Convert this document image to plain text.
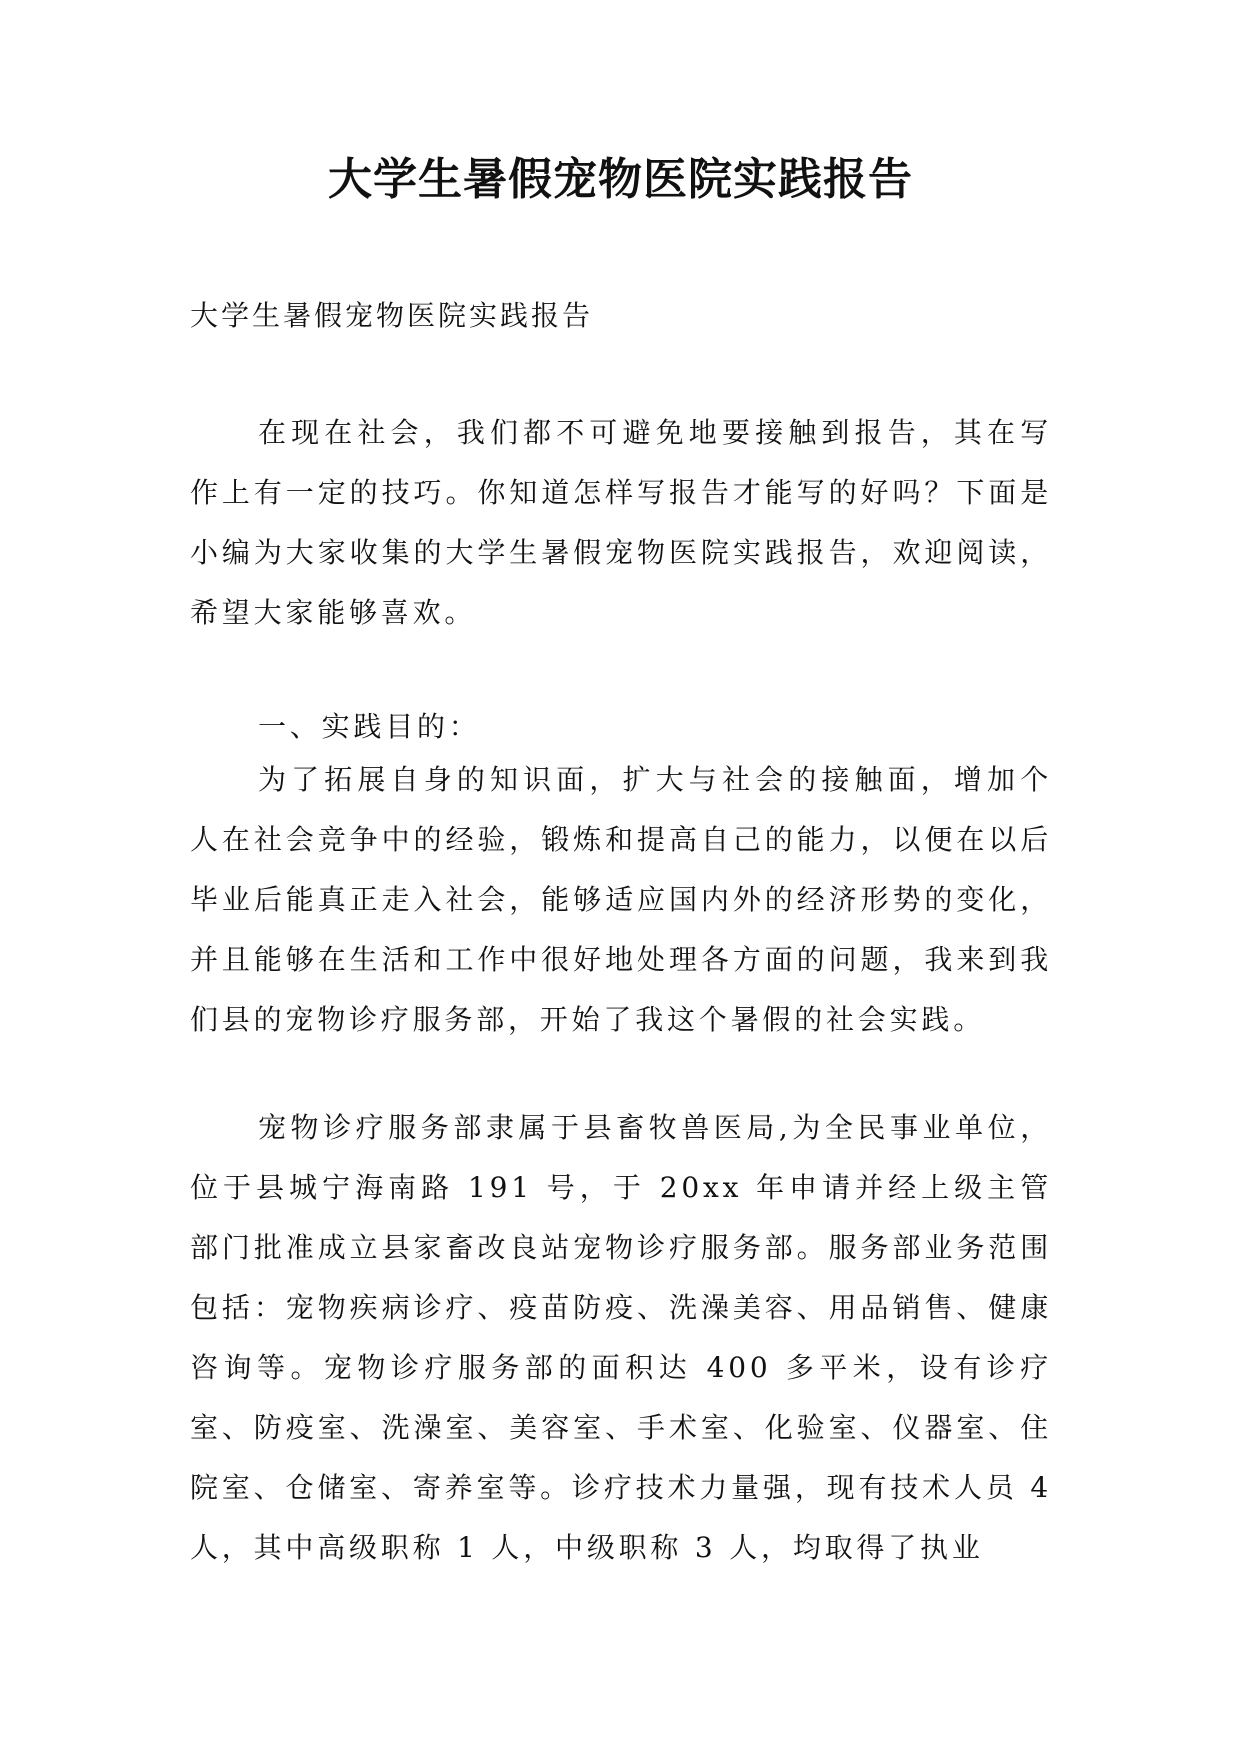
大学生暑假宠物医院实践报告

大学生暑假宠物医院实践报告

在现在社会，我们都不可避免地要接触到报告，其在写作上有一定的技巧。你知道怎样写报告才能写的好吗？下面是小编为大家收集的大学生暑假宠物医院实践报告，欢迎阅读，希望大家能够喜欢。

一、实践目的：

为了拓展自身的知识面，扩大与社会的接触面，增加个人在社会竞争中的经验，锻炼和提高自己的能力，以便在以后毕业后能真正走入社会，能够适应国内外的经济形势的变化，并且能够在生活和工作中很好地处理各方面的问题，我来到我们县的宠物诊疗服务部，开始了我这个暑假的社会实践。

宠物诊疗服务部隶属于县畜牧兽医局,为全民事业单位，位于县城宁海南路 191 号，于 20xx 年申请并经上级主管部门批准成立县家畜改良站宠物诊疗服务部。服务部业务范围包括：宠物疾病诊疗、疫苗防疫、洗澡美容、用品销售、健康咨询等。宠物诊疗服务部的面积达 400 多平米，设有诊疗室、防疫室、洗澡室、美容室、手术室、化验室、仪器室、住院室、仓储室、寄养室等。诊疗技术力量强，现有技术人员 4 人，其中高级职称 1 人，中级职称 3 人，均取得了执业
